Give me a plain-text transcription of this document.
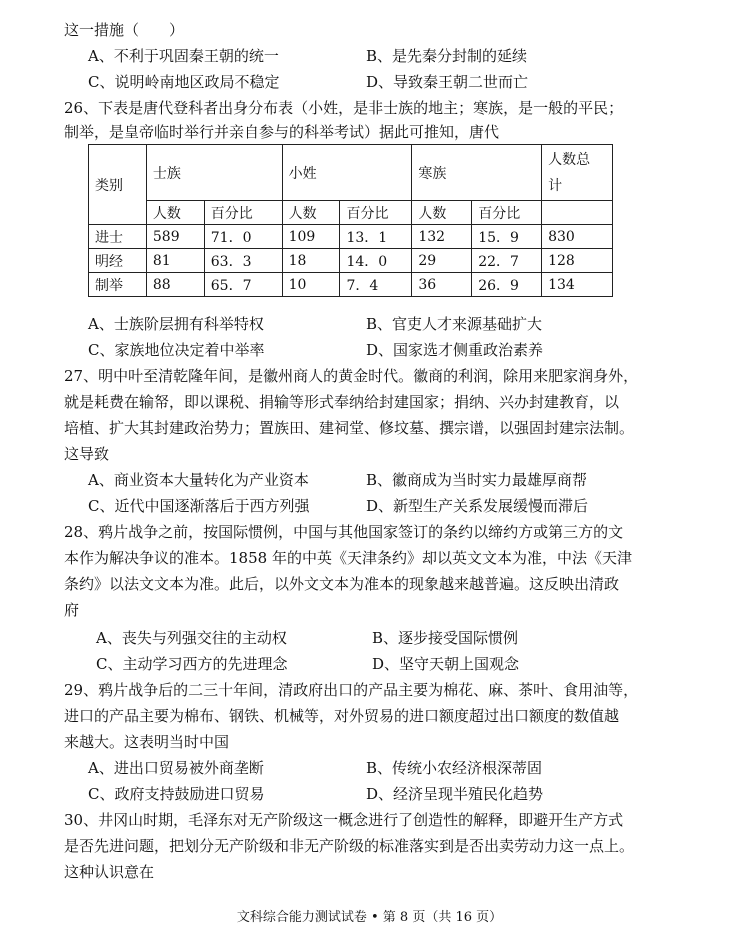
这一措施（　　）
A、不利于巩固秦王朝的统一	B、是先秦分封制的延续
C、说明岭南地区政局不稳定	D、导致秦王朝二世而亡
26、下表是唐代登科者出身分布表（小姓，是非士族的地主；寒族，是一般的平民；
制举，是皇帝临时举行并亲自参与的科举考试）据此可推知，唐代
类别	士族		小姓		寒族		人数总计
	人数	百分比	人数	百分比	人数	百分比	
进士	589	71．0	109	13．1	132	15．9	830
明经	81	63．3	18	14．0	29	22．7	128
制举	88	65．7	10	7．4	36	26．9	134
A、士族阶层拥有科举特权	B、官吏人才来源基础扩大
C、家族地位决定着中举率	D、国家选才侧重政治素养
27、明中叶至清乾隆年间，是徽州商人的黄金时代。徽商的利润，除用来肥家润身外，
就是耗费在输帑，即以课税、捐输等形式奉纳给封建国家；捐纳、兴办封建教育，以
培植、扩大其封建政治势力；置族田、建祠堂、修坟墓、撰宗谱，以强固封建宗法制。
这导致
A、商业资本大量转化为产业资本	B、徽商成为当时实力最雄厚商帮
C、近代中国逐渐落后于西方列强	D、新型生产关系发展缓慢而滞后
28、鸦片战争之前，按国际惯例，中国与其他国家签订的条约以缔约方或第三方的文
本作为解决争议的准本。1858 年的中英《天津条约》却以英文文本为准，中法《天津
条约》以法文文本为准。此后，以外文文本为准本的现象越来越普遍。这反映出清政
府
A、丧失与列强交往的主动权	B、逐步接受国际惯例
C、主动学习西方的先进理念	D、坚守天朝上国观念
29、鸦片战争后的二三十年间，清政府出口的产品主要为棉花、麻、茶叶、食用油等，
进口的产品主要为棉布、钢铁、机械等，对外贸易的进口额度超过出口额度的数值越
来越大。这表明当时中国
A、进出口贸易被外商垄断	B、传统小农经济根深蒂固
C、政府支持鼓励进口贸易	D、经济呈现半殖民化趋势
30、井冈山时期，毛泽东对无产阶级这一概念进行了创造性的解释，即避开生产方式
是否先进问题，把划分无产阶级和非无产阶级的标准落实到是否出卖劳动力这一点上。
这种认识意在
文科综合能力测试试卷 • 第 8 页（共 16 页）
